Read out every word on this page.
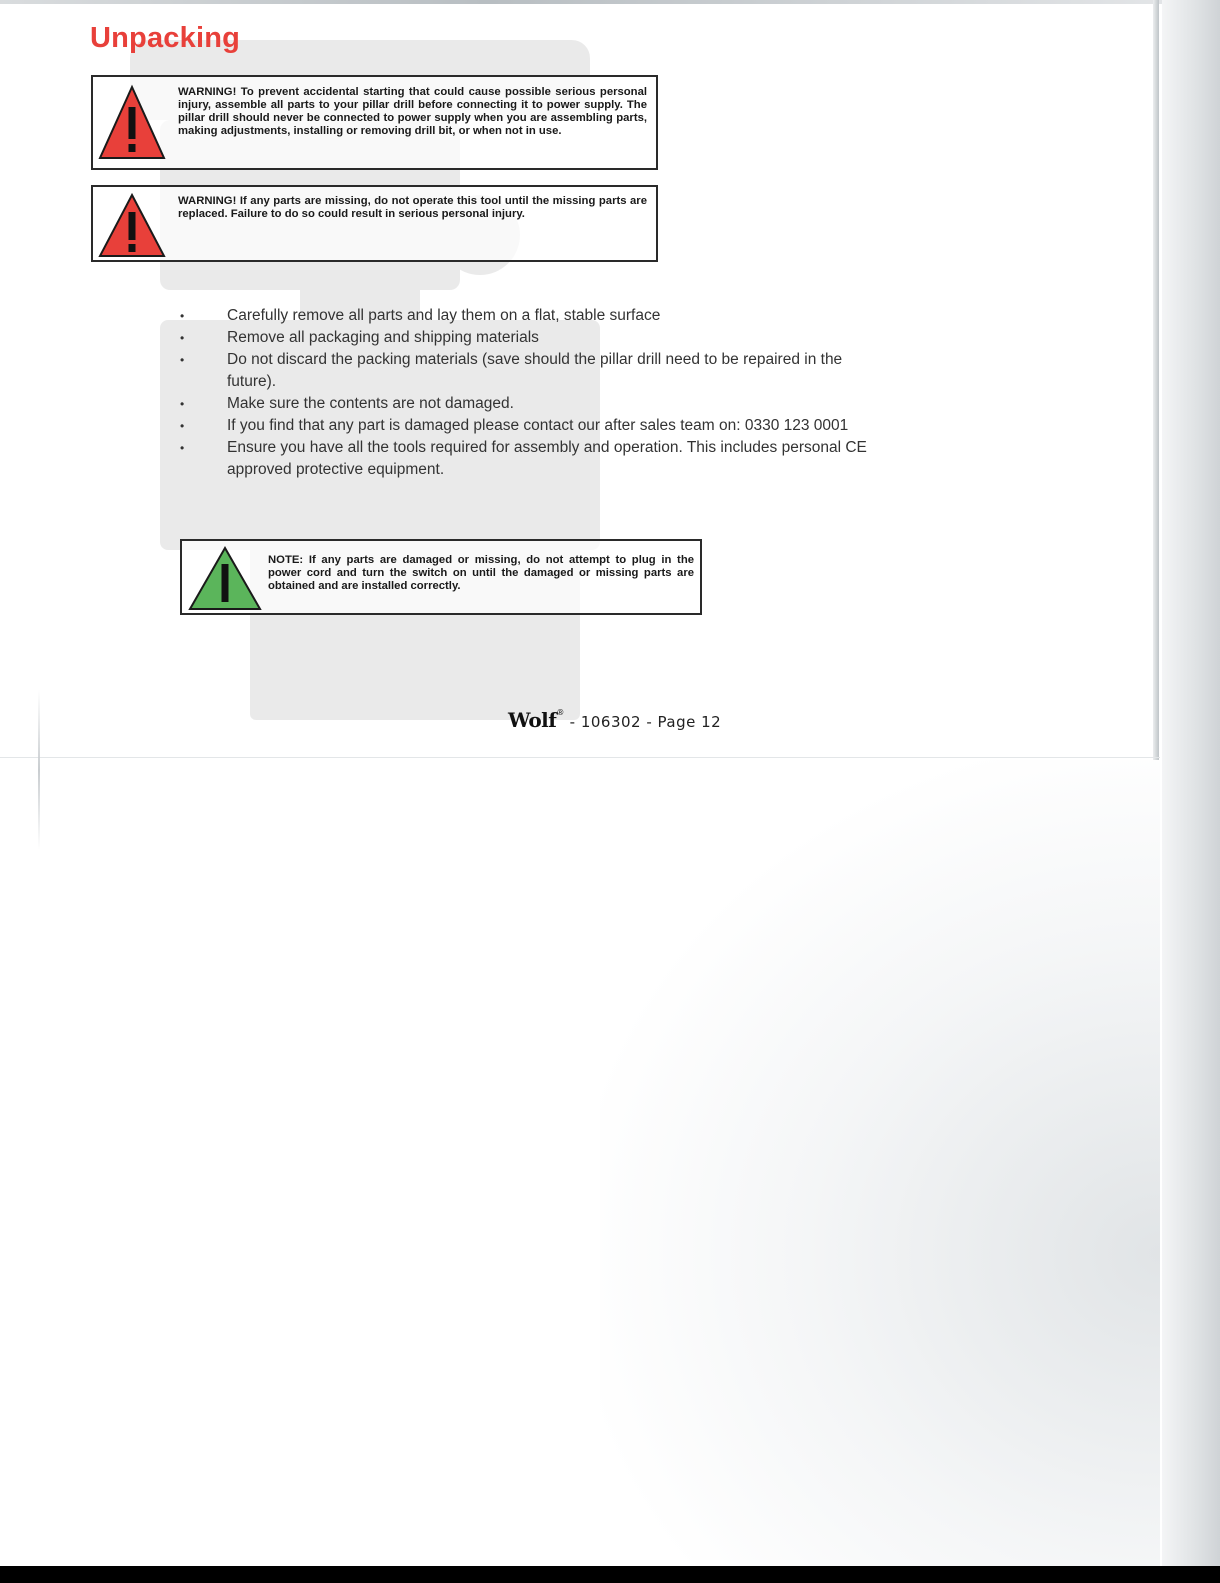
Unpacking

WARNING! To prevent accidental starting that could cause possible serious personal injury, assemble all parts to your pillar drill before connecting it to power supply. The pillar drill should never be connected to power supply when you are assembling parts, making adjustments, installing or removing drill bit, or when not in use.

WARNING! If any parts are missing, do not operate this tool until the missing parts are replaced. Failure to do so could result in serious personal injury.

•	Carefully remove all parts and lay them on a flat, stable surface
•	Remove all packaging and shipping materials
•	Do not discard the packing materials (save should the pillar drill need to be repaired in the future).
•	Make sure the contents are not damaged.
•	If you find that any part is damaged please contact our after sales team on: 0330 123 0001
•	Ensure you have all the tools required for assembly and operation. This includes personal CE approved protective equipment.

NOTE: If any parts are damaged or missing, do not attempt to plug in the power cord and turn the switch on until the damaged or missing parts are obtained and are installed correctly.

Wolf® - 106302 - Page 12
